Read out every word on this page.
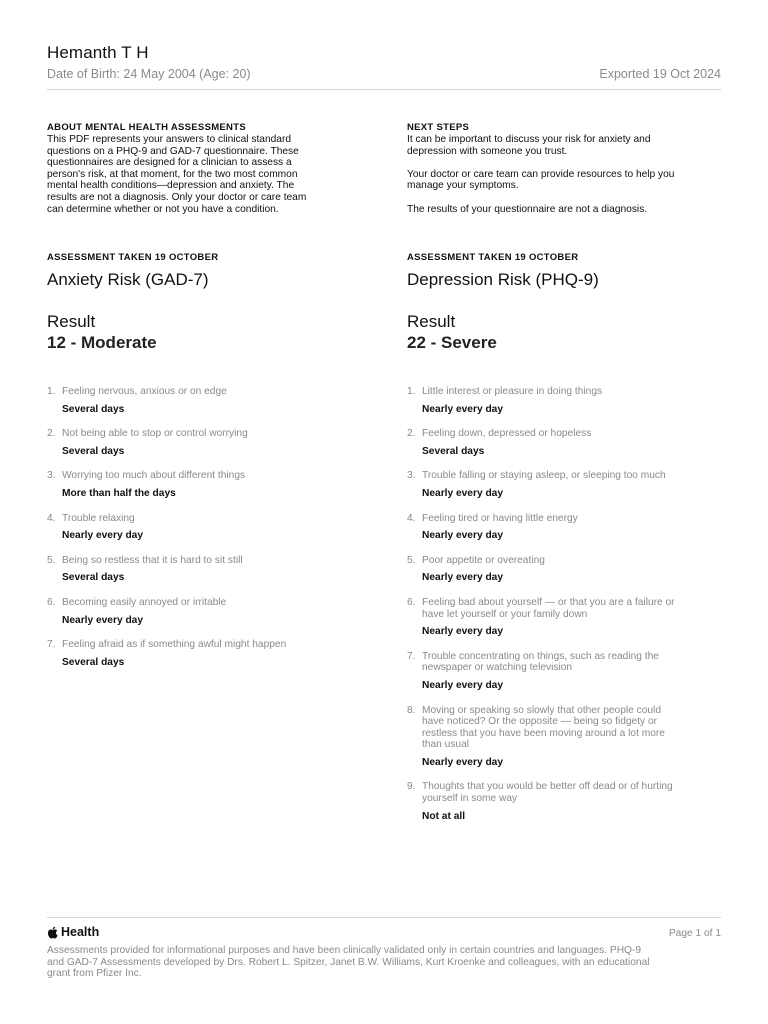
Hemanth T H
Date of Birth: 24 May 2004 (Age: 20)	Exported 19 Oct 2024
ABOUT MENTAL HEALTH ASSESSMENTS
This PDF represents your answers to clinical standard
questions on a PHQ-9 and GAD-7 questionnaire. These
questionnaires are designed for a clinician to assess a
person's risk, at that moment, for the two most common
mental health conditions—depression and anxiety. The
results are not a diagnosis. Only your doctor or care team
can determine whether or not you have a condition.
NEXT STEPS

It can be important to discuss your risk for anxiety and
depression with someone you trust.

Your doctor or care team can provide resources to help you
manage your symptoms.

The results of your questionnaire are not a diagnosis.

ASSESSMENT TAKEN 19 OCTOBER
Anxiety Risk (GAD-7)
Result
12 - Moderate
ASSESSMENT TAKEN 19 OCTOBER
Depression Risk (PHQ-9)
Result
22 - Severe
1. Feeling nervous, anxious or on edge
Several days
2. Not being able to stop or control worrying
Several days
3. Worrying too much about different things
More than half the days
4. Trouble relaxing
Nearly every day
5. Being so restless that it is hard to sit still
Several days
6. Becoming easily annoyed or irritable
Nearly every day
7. Feeling afraid as if something awful might happen
Several days
1. Little interest or pleasure in doing things
Nearly every day
2. Feeling down, depressed or hopeless
Several days
3. Trouble falling or staying asleep, or sleeping too much
Nearly every day
4. Feeling tired or having little energy
Nearly every day
5. Poor appetite or overeating
Nearly every day
6. Feeling bad about yourself — or that you are a failure or
have let yourself or your family down
Nearly every day
7. Trouble concentrating on things, such as reading the
newspaper or watching television
Nearly every day
8. Moving or speaking so slowly that other people could
have noticed? Or the opposite — being so fidgety or
restless that you have been moving around a lot more
than usual
Nearly every day
9. Thoughts that you would be better off dead or of hurting
yourself in some way
Not at all
Health	Page 1 of 1
Assessments provided for informational purposes and have been clinically validated only in certain countries and languages. PHQ-9
and GAD-7 Assessments developed by Drs. Robert L. Spitzer, Janet B.W. Williams, Kurt Kroenke and colleagues, with an educational
grant from Pfizer Inc.
